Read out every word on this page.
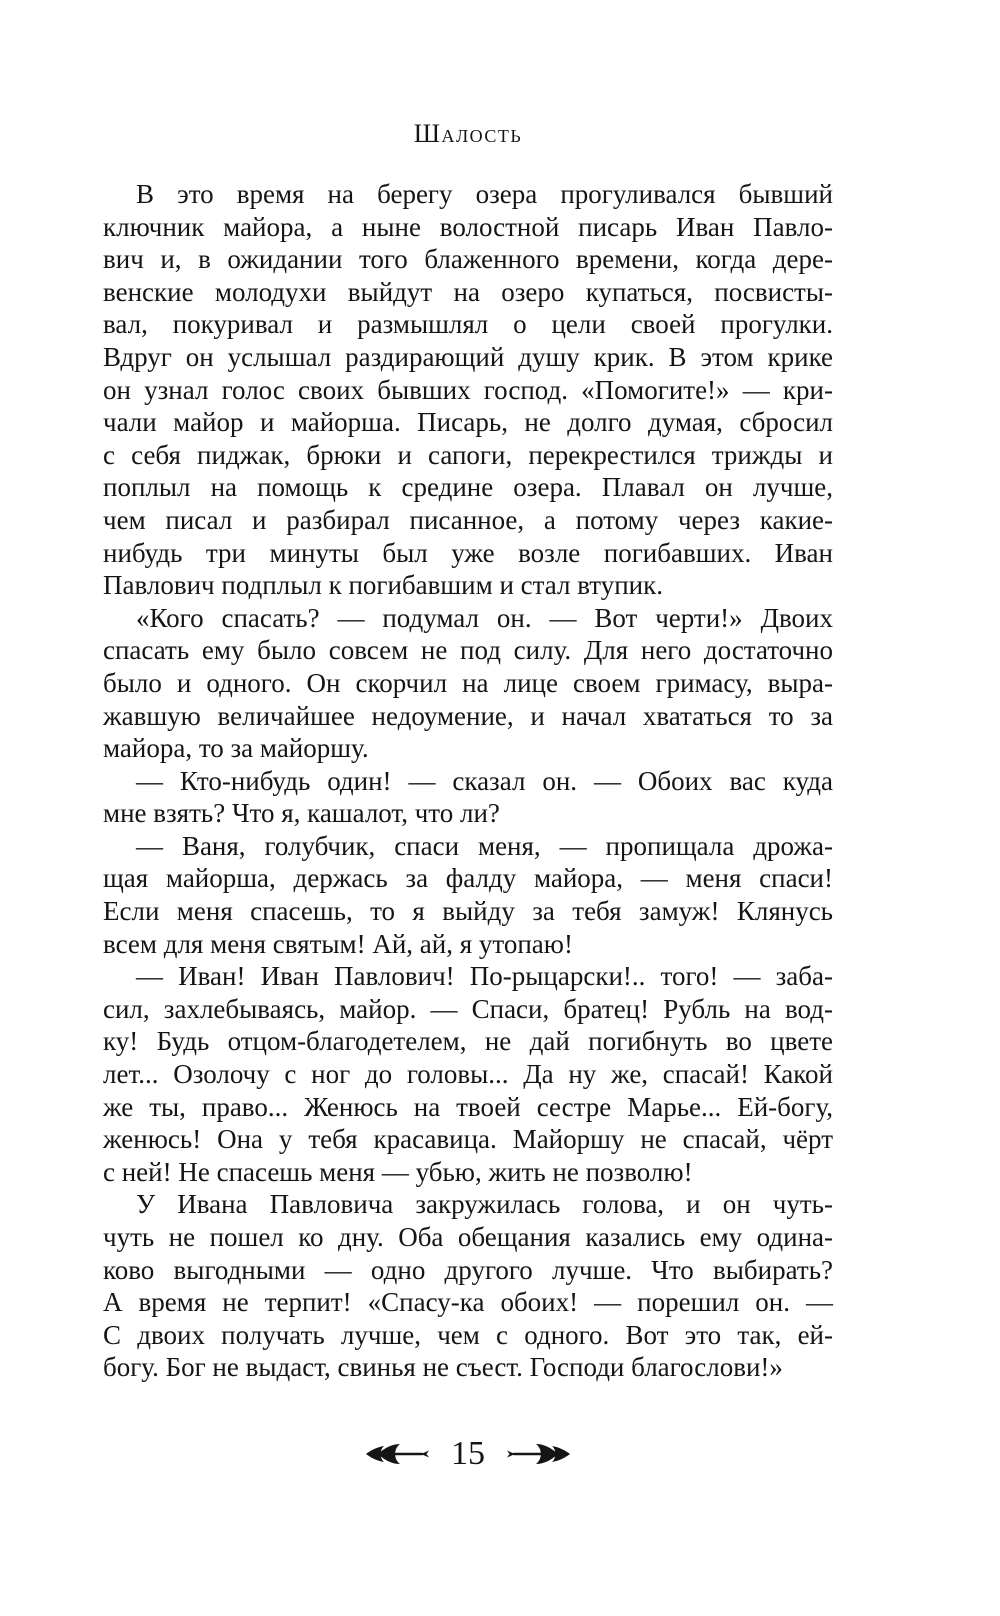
Шалость

В это время на берегу озера прогуливался бывший
ключник майора, а ныне волостной писарь Иван Павло-
вич и, в ожидании того блаженного времени, когда дере-
венские молодухи выйдут на озеро купаться, посвисты-
вал, покуривал и размышлял о цели своей прогулки.
Вдруг он услышал раздирающий душу крик. В этом крике
он узнал голос своих бывших господ. «Помогите!» — кри-
чали майор и майорша. Писарь, не долго думая, сбросил
с себя пиджак, брюки и сапоги, перекрестился трижды и
поплыл на помощь к средине озера. Плавал он лучше,
чем писал и разбирал писанное, а потому через какие-
нибудь три минуты был уже возле погибавших. Иван
Павлович подплыл к погибавшим и стал втупик.

«Кого спасать? — подумал он. — Вот черти!» Двоих
спасать ему было совсем не под силу. Для него достаточно
было и одного. Он скорчил на лице своем гримасу, выра-
жавшую величайшее недоумение, и начал хвататься то за
майора, то за майоршу.

— Кто-нибудь один! — сказал он. — Обоих вас куда
мне взять? Что я, кашалот, что ли?

— Ваня, голубчик, спаси меня, — пропищала дрожа-
щая майорша, держась за фалду майора, — меня спаси!
Если меня спасешь, то я выйду за тебя замуж! Клянусь
всем для меня святым! Ай, ай, я утопаю!

— Иван! Иван Павлович! По-рыцарски!.. того! — заба-
сил, захлебываясь, майор. — Спаси, братец! Рубль на вод-
ку! Будь отцом-благодетелем, не дай погибнуть во цвете
лет... Озолочу с ног до головы... Да ну же, спасай! Какой
же ты, право... Женюсь на твоей сестре Марье... Ей-богу,
женюсь! Она у тебя красавица. Майоршу не спасай, чёрт
с ней! Не спасешь меня — убью, жить не позволю!

У Ивана Павловича закружилась голова, и он чуть-
чуть не пошел ко дну. Оба обещания казались ему одина-
ково выгодными — одно другого лучше. Что выбирать?
А время не терпит! «Спасу-ка обоих! — порешил он. —
С двоих получать лучше, чем с одного. Вот это так, ей-
богу. Бог не выдаст, свинья не съест. Господи благослови!»

15
